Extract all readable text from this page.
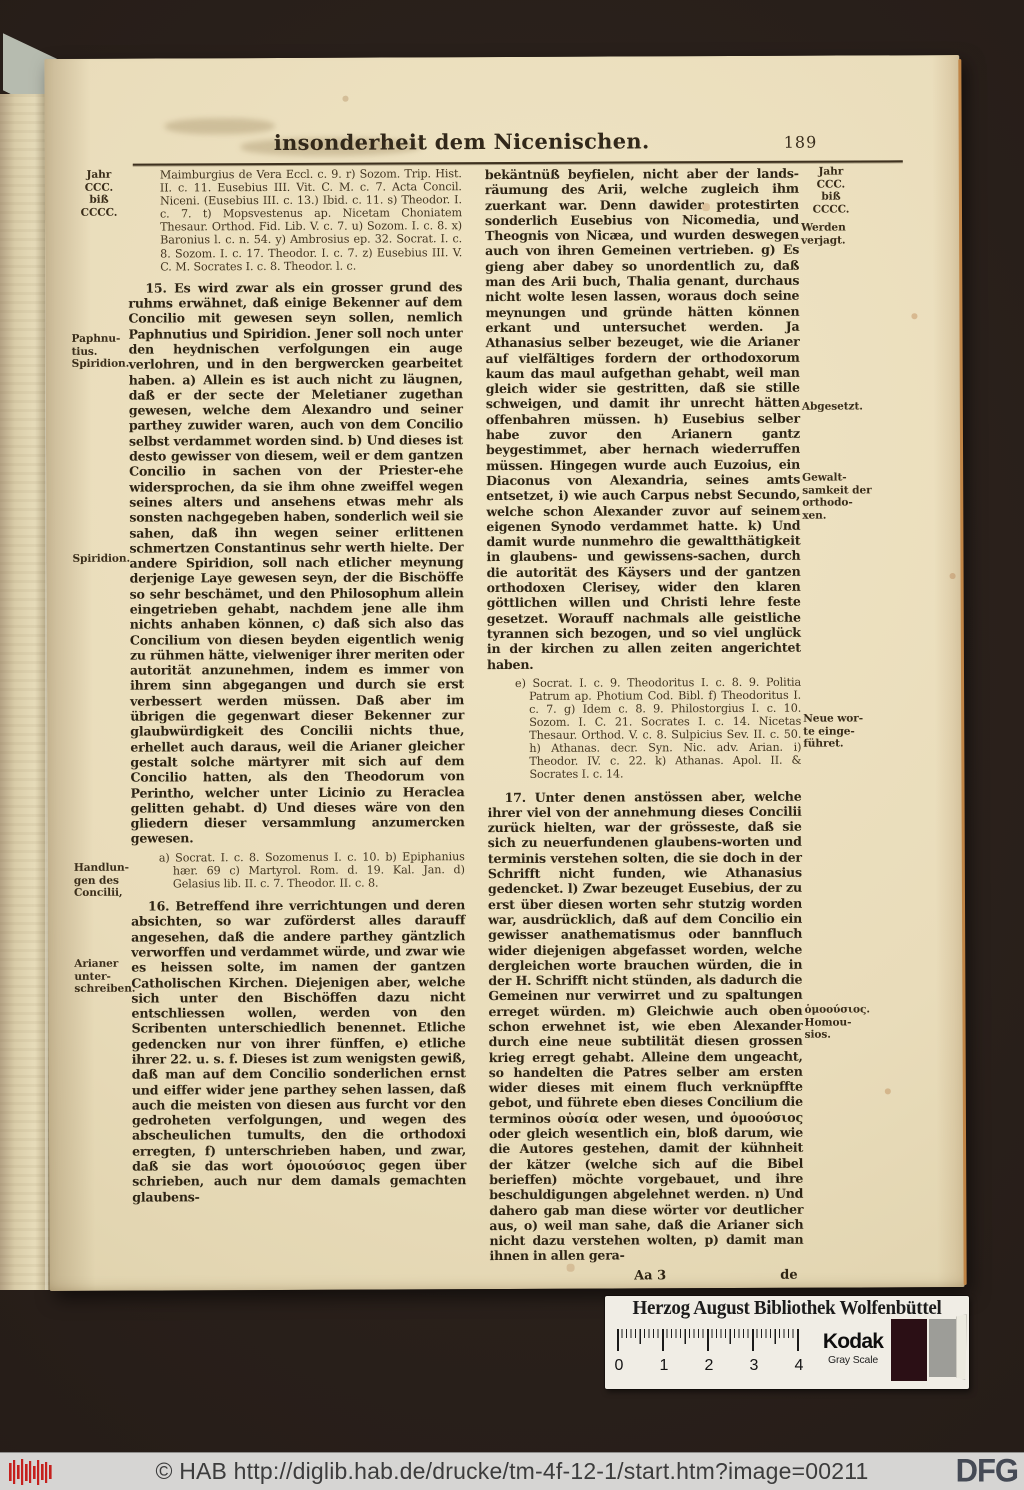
insonderheit dem Nicenischen.	189
Jahr
CCC.
biß
CCCC.
Paphnu-
tius.
Spiridion.
Spiridion.
Handlun-
gen des
Concilii,
Arianer
unter-
schreiben.
Jahr
CCC.
biß
CCCC.
Werden
verjagt.
Abgesetzt.
Gewalt-
samkeit der
orthodo-
xen.
Neue wor-
te einge-
führet.
ὁμοούσιος.
Homou-
sios.

Maimburgius de Vera Eccl. c. 9. r) Sozom. Trip. Hist. II. c. 11. Eusebius III. Vit. C. M. c. 7. Acta Concil. Niceni. (Eusebius III. c. 13.) Ibid. c. 11. s) Theodor. I. c. 7. t) Mopsvestenus ap. Nicetam Choniatem Thesaur. Orthod. Fid. Lib. V. c. 7. u) Sozom. I. c. 8. x) Baronius l. c. n. 54. y) Ambrosius ep. 32. Socrat. I. c. 8. Sozom. I. c. 17. Theodor. I. c. 7. z) Eusebius III. V. C. M. Socrates I. c. 8. Theodor. l. c.

15. Es wird zwar als ein grosser grund des ruhms erwähnet, daß einige Bekenner auf dem Concilio mit gewesen seyn sollen, nemlich Paphnutius und Spiridion. Jener soll noch unter den heydnischen verfolgungen ein auge verlohren, und in den bergwercken gearbeitet haben. a) Allein es ist auch nicht zu läugnen, daß er der secte der Meletianer zugethan gewesen, welche dem Alexandro und seiner parthey zuwider waren, auch von dem Concilio selbst verdammet worden sind. b) Und dieses ist desto gewisser von diesem, weil er dem gantzen Concilio in sachen von der Priester-ehe widersprochen, da sie ihm ohne zweiffel wegen seines alters und ansehens etwas mehr als sonsten nachgegeben haben, sonderlich weil sie sahen, daß ihn wegen seiner erlittenen schmertzen Constantinus sehr werth hielte. Der andere Spiridion, soll nach etlicher meynung derjenige Laye gewesen seyn, der die Bischöffe so sehr beschämet, und den Philosophum allein eingetrieben gehabt, nachdem jene alle ihm nichts anhaben können, c) daß sich also das Concilium von diesen beyden eigentlich wenig zu rühmen hätte, vielweniger ihrer meriten oder autorität anzunehmen, indem es immer von ihrem sinn abgegangen und durch sie erst verbessert werden müssen. Daß aber im übrigen die gegenwart dieser Bekenner zur glaubwürdigkeit des Concilii nichts thue, erhellet auch daraus, weil die Arianer gleicher gestalt solche märtyrer mit sich auf dem Concilio hatten, als den Theodorum von Perintho, welcher unter Licinio zu Heraclea gelitten gehabt. d) Und dieses wäre von den gliedern dieser versammlung anzumercken gewesen.

a) Socrat. I. c. 8. Sozomenus I. c. 10. b) Epiphanius hær. 69 c) Martyrol. Rom. d. 19. Kal. Jan. d) Gelasius lib. II. c. 7. Theodor. II. c. 8.

16. Betreffend ihre verrichtungen und deren absichten, so war zuförderst alles darauff angesehen, daß die andere parthey gäntzlich verworffen und verdammet würde, und zwar wie es heissen solte, im namen der gantzen Catholischen Kirchen. Diejenigen aber, welche sich unter den Bischöffen dazu nicht entschliessen wollen, werden von den Scribenten unterschiedlich benennet. Etliche gedencken nur von ihrer fünffen, e) etliche ihrer 22. u. s. f. Dieses ist zum wenigsten gewiß, daß man auf dem Concilio sonderlichen ernst und eiffer wider jene parthey sehen lassen, daß auch die meisten von diesen aus furcht vor den gedroheten verfolgungen, und wegen des abscheulichen tumults, den die orthodoxi erregten, f) unterschrieben haben, und zwar, daß sie das wort ὁμοιούσιος gegen über schrieben, auch nur dem damals gemachten glaubens-

bekäntnüß beyfielen, nicht aber der lands-räumung des Arii, welche zugleich ihm zuerkant war. Denn dawider protestirten sonderlich Eusebius von Nicomedia, und Theognis von Nicæa, und wurden deswegen auch von ihren Gemeinen vertrieben. g) Es gieng aber dabey so unordentlich zu, daß man des Arii buch, Thalia genant, durchaus nicht wolte lesen lassen, woraus doch seine meynungen und gründe hätten können erkant und untersuchet werden. Ja Athanasius selber bezeuget, wie die Arianer auf vielfältiges fordern der orthodoxorum kaum das maul aufgethan gehabt, weil man gleich wider sie gestritten, daß sie stille schweigen, und damit ihr unrecht hätten offenbahren müssen. h) Eusebius selber habe zuvor den Arianern gantz beygestimmet, aber hernach wiederruffen müssen. Hingegen wurde auch Euzoius, ein Diaconus von Alexandria, seines amts entsetzet, i) wie auch Carpus nebst Secundo, welche schon Alexander zuvor auf seinem eigenen Synodo verdammet hatte. k) Und damit wurde nunmehro die gewaltthätigkeit in glaubens- und gewissens-sachen, durch die autorität des Käysers und der gantzen orthodoxen Clerisey, wider den klaren göttlichen willen und Christi lehre feste gesetzet. Worauff nachmals alle geistliche tyrannen sich bezogen, und so viel unglück in der kirchen zu allen zeiten angerichtet haben.

e) Socrat. I. c. 9. Theodoritus I. c. 8. 9. Politia Patrum ap. Photium Cod. Bibl. f) Theodoritus I. c. 7. g) Idem c. 8. 9. Philostorgius I. c. 10. Sozom. I. C. 21. Socrates I. c. 14. Nicetas Thesaur. Orthod. V. c. 8. Sulpicius Sev. II. c. 50. h) Athanas. decr. Syn. Nic. adv. Arian. i) Theodor. IV. c. 22. k) Athanas. Apol. II. & Socrates I. c. 14.

17. Unter denen anstössen aber, welche ihrer viel von der annehmung dieses Concilii zurück hielten, war der grösseste, daß sie sich zu neuerfundenen glaubens-worten und terminis verstehen solten, die sie doch in der Schrifft nicht funden, wie Athanasius gedencket. l) Zwar bezeuget Eusebius, der zu erst über diesen worten sehr stutzig worden war, ausdrücklich, daß auf dem Concilio ein gewisser anathematismus oder bannfluch wider diejenigen abgefasset worden, welche dergleichen worte brauchen würden, die in der H. Schrifft nicht stünden, als dadurch die Gemeinen nur verwirret und zu spaltungen erreget würden. m) Gleichwie auch oben schon erwehnet ist, wie eben Alexander durch eine neue subtilität diesen grossen krieg erregt gehabt. Alleine dem ungeacht, so handelten die Patres selber am ersten wider dieses mit einem fluch verknüpffte gebot, und führete eben dieses Concilium die terminos οὐσία oder wesen, und ὁμοούσιος oder gleich wesentlich ein, bloß darum, wie die Autores gestehen, damit der kühnheit der kätzer (welche sich auf die Bibel berieffen) möchte vorgebauet, und ihre beschuldigungen abgelehnet werden. n) Und dahero gab man diese wörter vor deutlicher aus, o) weil man sahe, daß die Arianer sich nicht dazu verstehen wolten, p) damit man ihnen in allen gera-

Aa 3	de
Herzog August Bibliothek Wolfenbüttel
0 1 2 3 4
Kodak
Gray Scale
© HAB http://diglib.hab.de/drucke/tm-4f-12-1/start.htm?image=00211	DFG
